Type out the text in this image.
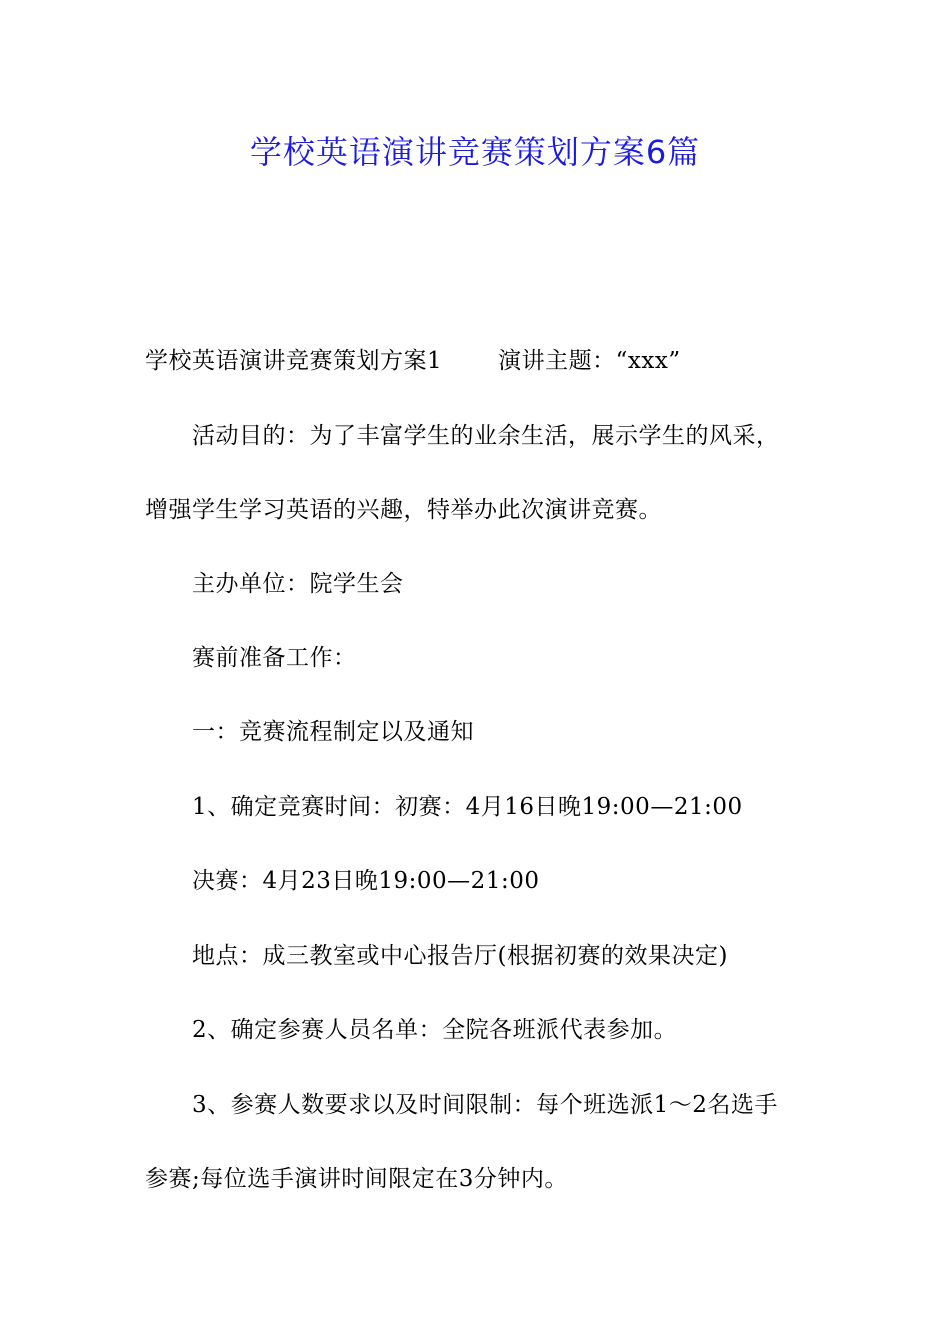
学校英语演讲竞赛策划方案6篇
学校英语演讲竞赛策划方案1 演讲主题：“xxx”
活动目的：为了丰富学生的业余生活，展示学生的风采，
增强学生学习英语的兴趣，特举办此次演讲竞赛。
主办单位：院学生会
赛前准备工作：
一：竞赛流程制定以及通知
1、确定竞赛时间：初赛：4月16日晚19:00—21:00
决赛：4月23日晚19:00—21:00
地点：成三教室或中心报告厅(根据初赛的效果决定)
2、确定参赛人员名单：全院各班派代表参加。
3、参赛人数要求以及时间限制：每个班选派1～2名选手
参赛;每位选手演讲时间限定在3分钟内。
